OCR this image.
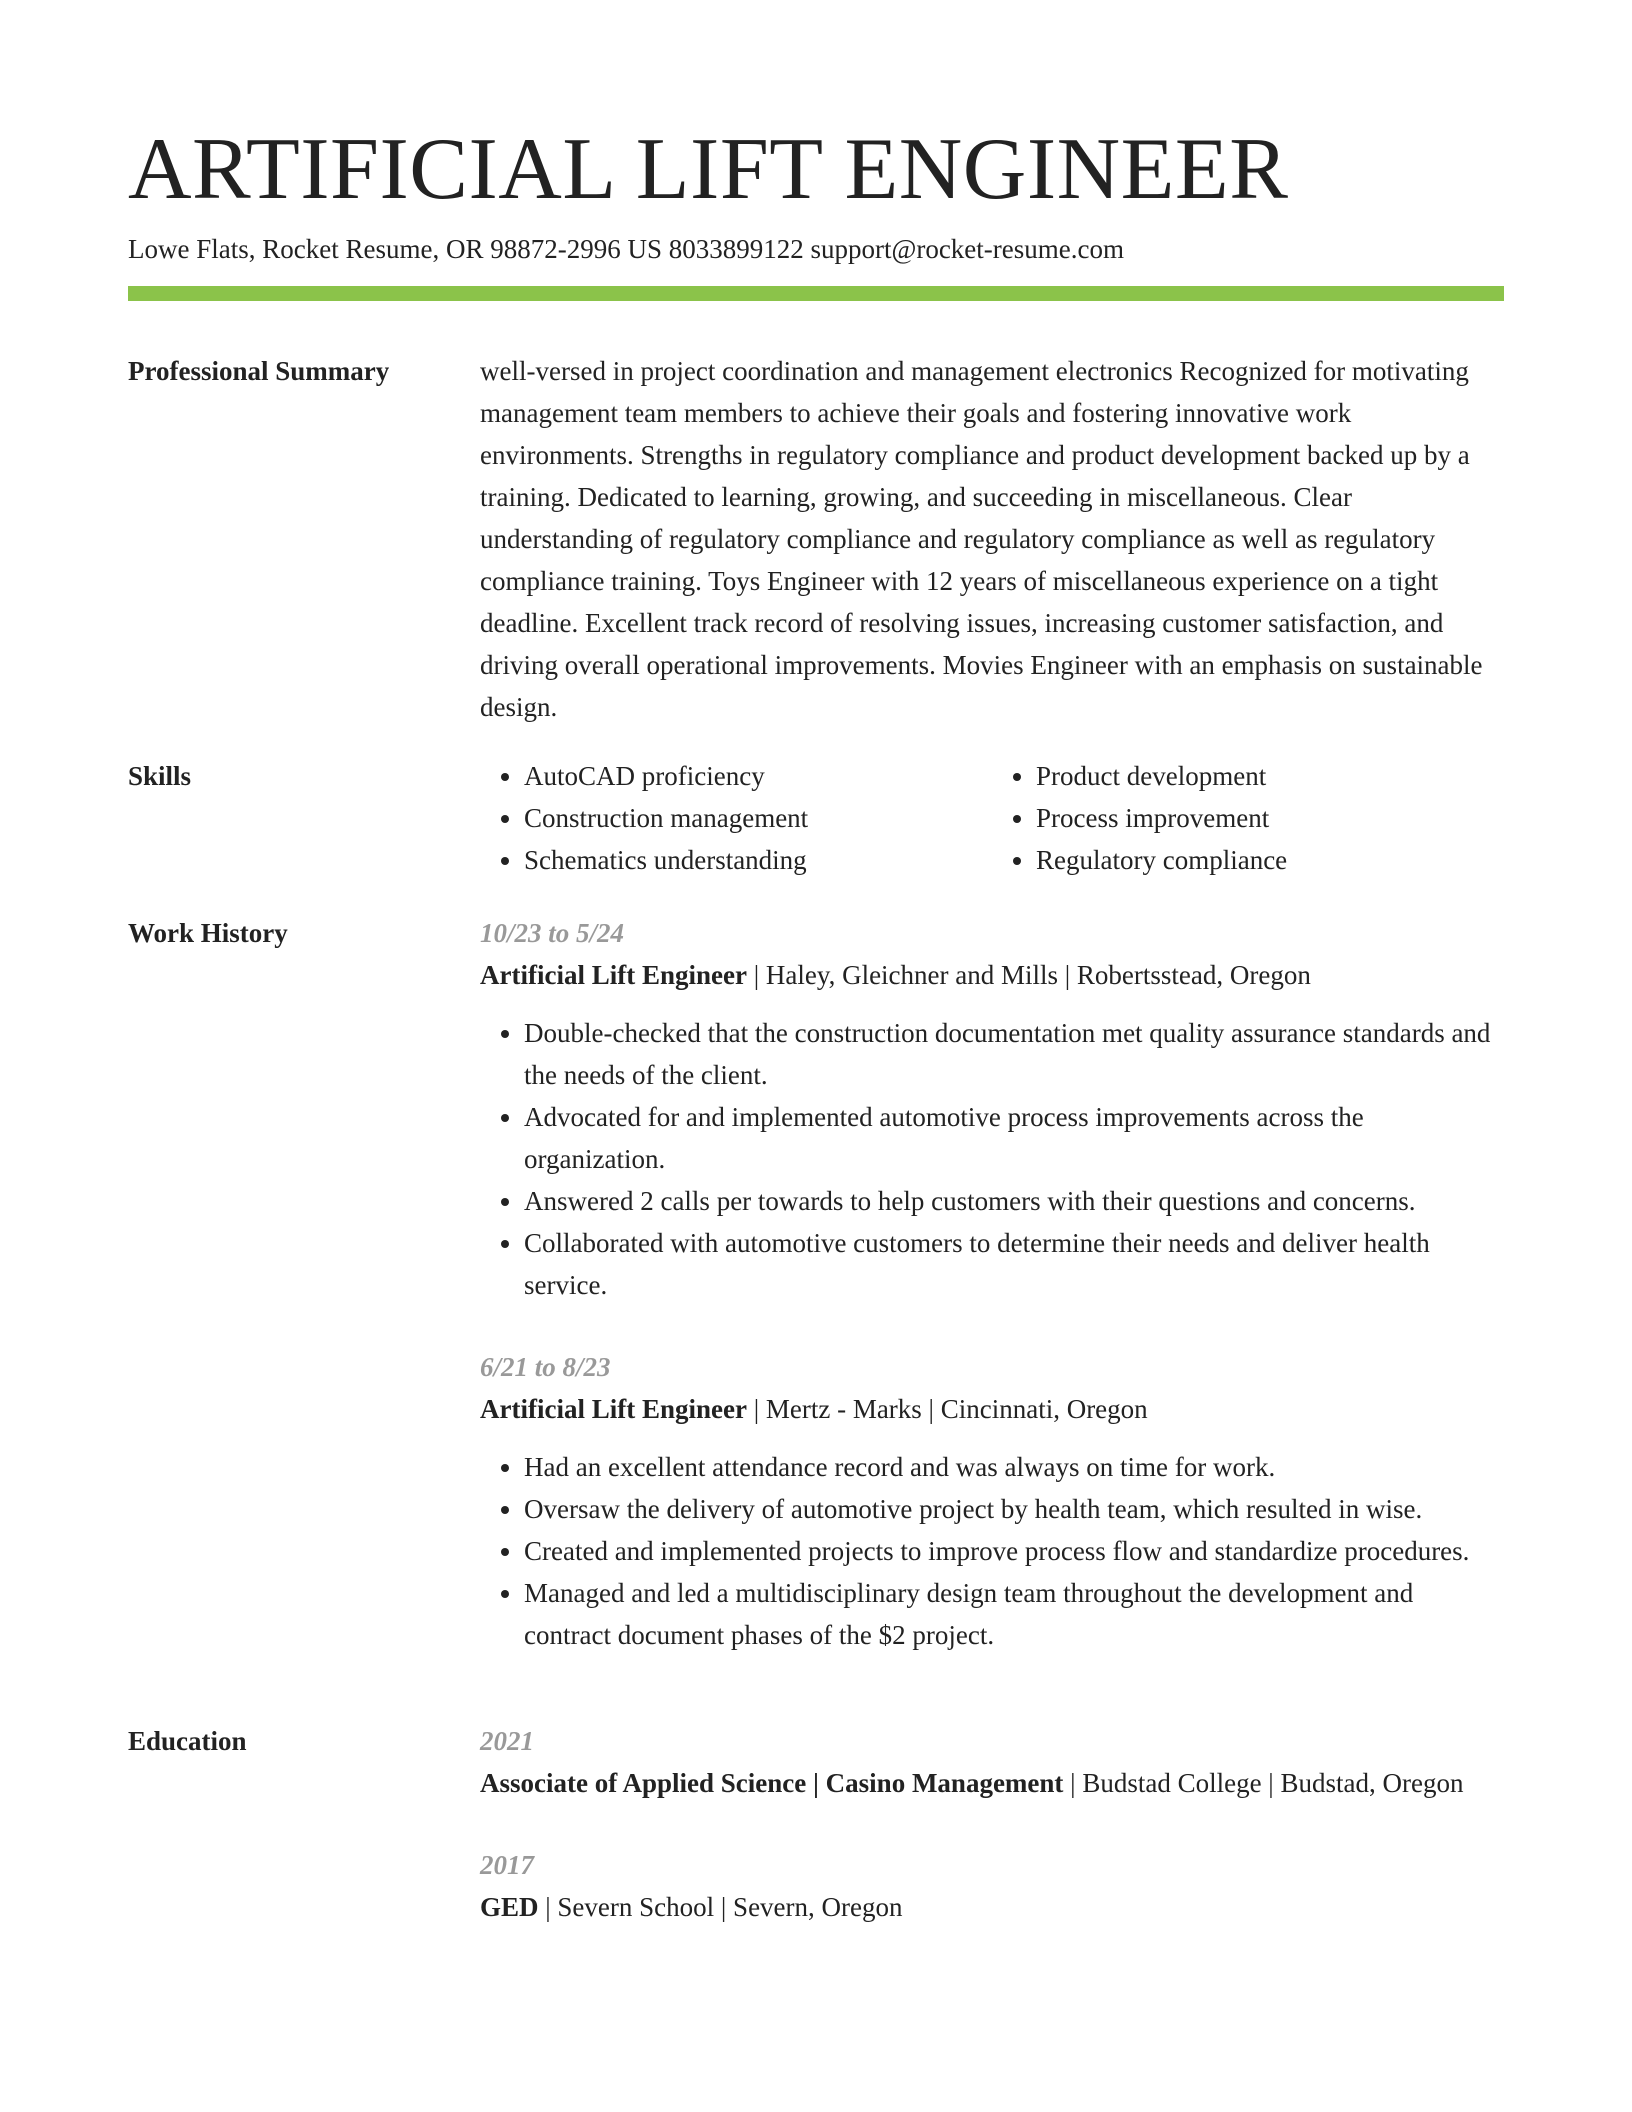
ARTIFICIAL LIFT ENGINEER
Lowe Flats, Rocket Resume, OR 98872-2996 US 8033899122 support@rocket-resume.com
Professional Summary	well-versed in project coordination and management electronics Recognized for motivating management team members to achieve their goals and fostering innovative work environments. Strengths in regulatory compliance and product development backed up by a training. Dedicated to learning, growing, and succeeding in miscellaneous. Clear understanding of regulatory compliance and regulatory compliance as well as regulatory compliance training. Toys Engineer with 12 years of miscellaneous experience on a tight deadline. Excellent track record of resolving issues, increasing customer satisfaction, and driving overall operational improvements. Movies Engineer with an emphasis on sustainable design.

Skills
•	AutoCAD proficiency
• Construction management
• Schematics understanding
• Product development
• Process improvement
• Regulatory compliance
Work History	10/23 to 5/24
Artificial Lift Engineer | Haley, Gleichner and Mills | Robertsstead, Oregon
• Double-checked that the construction documentation met quality assurance standards and the needs of the client.
• Advocated for and implemented automotive process improvements across the organization.
• Answered 2 calls per towards to help customers with their questions and concerns.
• Collaborated with automotive customers to determine their needs and deliver health service.
6/21 to 8/23
Artificial Lift Engineer | Mertz - Marks | Cincinnati, Oregon
• Had an excellent attendance record and was always on time for work.
• Oversaw the delivery of automotive project by health team, which resulted in wise.
• Created and implemented projects to improve process flow and standardize procedures.
• Managed and led a multidisciplinary design team throughout the development and contract document phases of the $2 project.
Education	2021
Associate of Applied Science | Casino Management | Budstad College | Budstad, Oregon
2017
GED | Severn School | Severn, Oregon
